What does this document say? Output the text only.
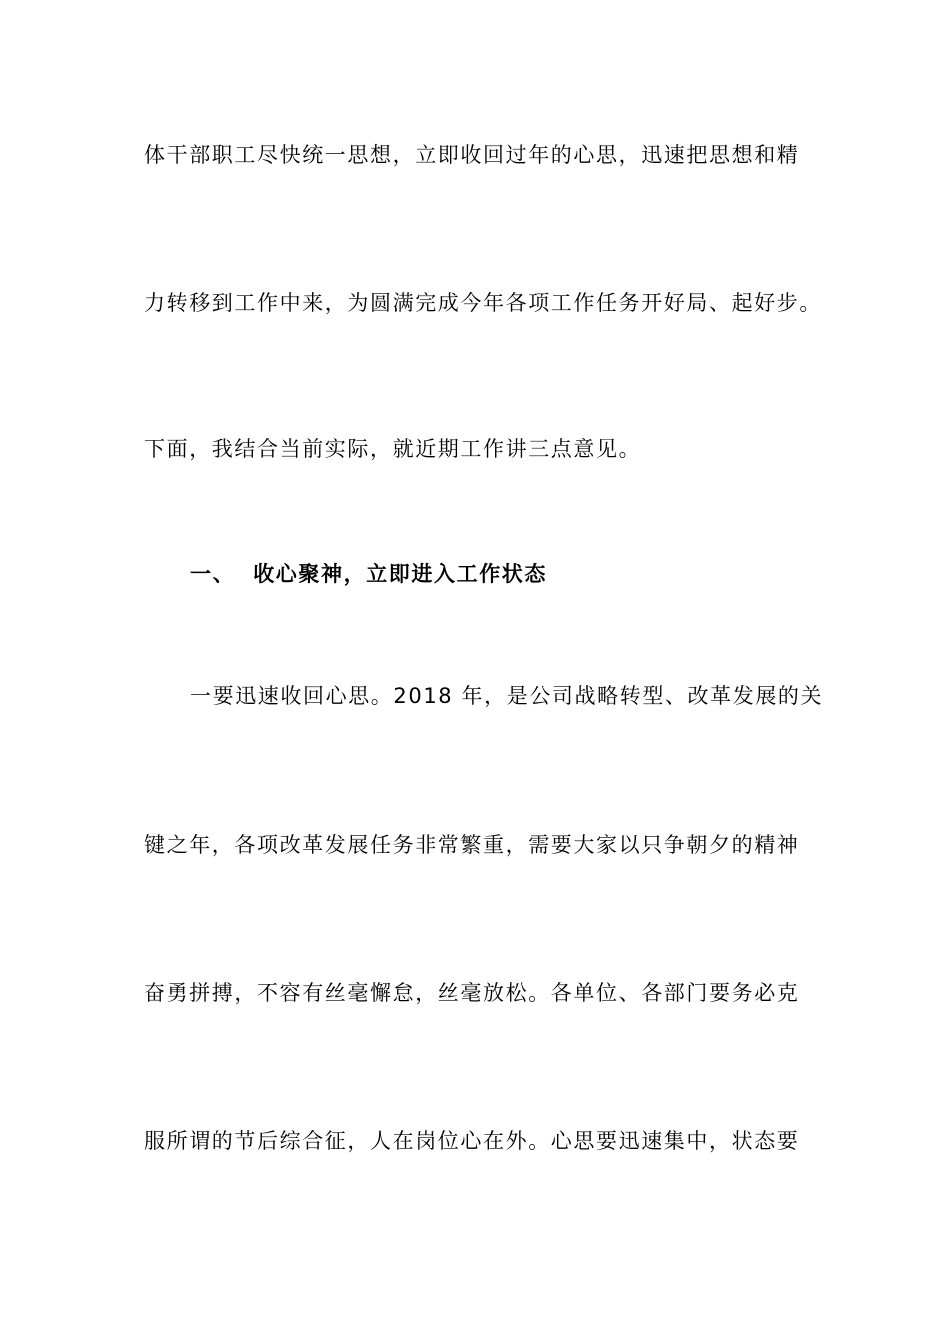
体干部职工尽快统一思想，立即收回过年的心思，迅速把思想和精
力转移到工作中来，为圆满完成今年各项工作任务开好局、起好步。
下面，我结合当前实际，就近期工作讲三点意见。
一、 收心聚神，立即进入工作状态
一要迅速收回心思。2018 年，是公司战略转型、改革发展的关
键之年，各项改革发展任务非常繁重，需要大家以只争朝夕的精神
奋勇拼搏，不容有丝毫懈怠，丝毫放松。各单位、各部门要务必克
服所谓的节后综合征，人在岗位心在外。心思要迅速集中，状态要
